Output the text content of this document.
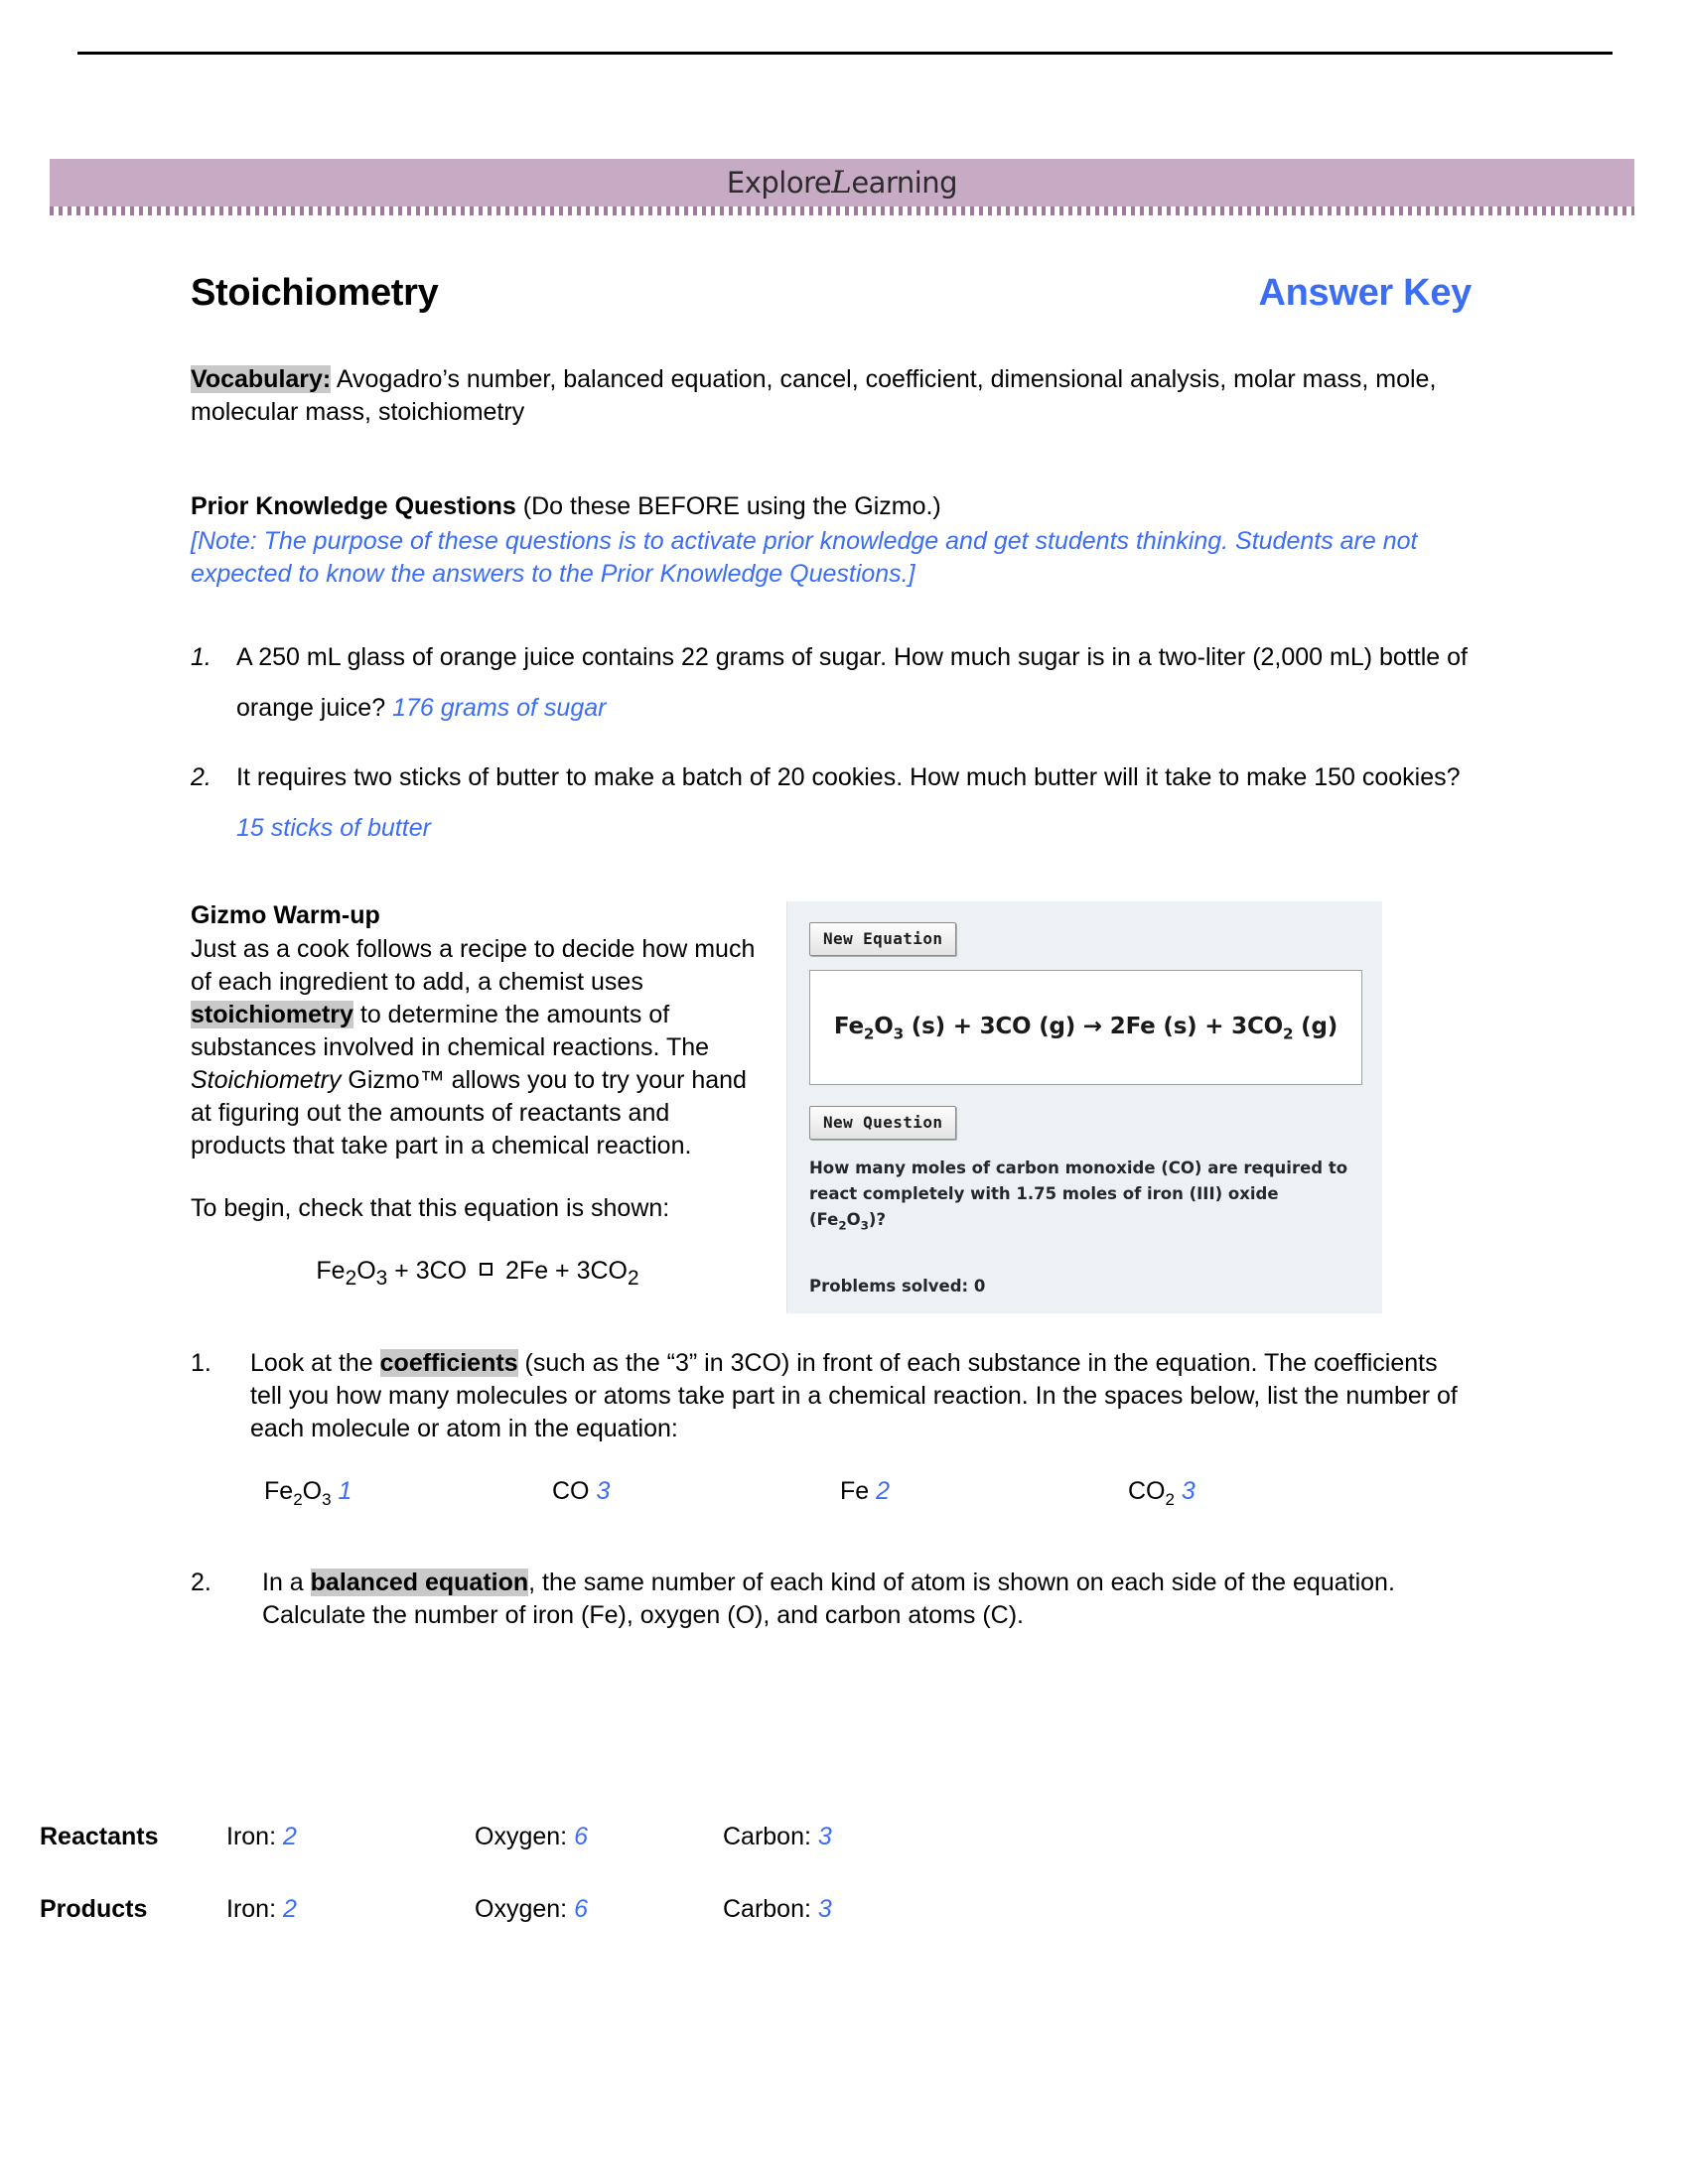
ExploreLearning
Stoichiometry	Answer Key
Vocabulary: Avogadro’s number, balanced equation, cancel, coefficient, dimensional analysis, molar mass, mole, molecular mass, stoichiometry
Prior Knowledge Questions (Do these BEFORE using the Gizmo.)
[Note: The purpose of these questions is to activate prior knowledge and get students thinking. Students are not expected to know the answers to the Prior Knowledge Questions.]
1.	A 250 mL glass of orange juice contains 22 grams of sugar. How much sugar is in a two-liter (2,000 mL) bottle of orange juice? 176 grams of sugar
2.	It requires two sticks of butter to make a batch of 20 cookies. How much butter will it take to make 150 cookies? 15 sticks of butter
Gizmo Warm-up
Just as a cook follows a recipe to decide how much of each ingredient to add, a chemist uses stoichiometry to determine the amounts of substances involved in chemical reactions. The Stoichiometry Gizmo™ allows you to try your hand at figuring out the amounts of reactants and products that take part in a chemical reaction.
To begin, check that this equation is shown:
$Fe_2O_3 + 3CO$  $2Fe + 3CO_2$
New Equation
$Fe_2O_3$ (s) + 3CO (g) → 2Fe $(s) + 3CO_2$ (g)
New Question
How many moles of carbon monoxide (CO) are required to react completely with 1.75 moles of iron (III) oxide $(Fe_2O_3)$?
Problems solved: 0
1.	Look at the coefficients (such as the “3” in 3CO) in front of each substance in the equation. The coefficients tell you how many molecules or atoms take part in a chemical reaction. In the spaces below, list the number of each molecule or atom in the equation:
$Fe_2O_3$ 1	CO 3	Fe 2	$CO_2$ 3
2.	In a balanced equation, the same number of each kind of atom is shown on each side of the equation. Calculate the number of iron (Fe), oxygen (O), and carbon atoms (C).
Reactants	Iron: 2	Oxygen: 6	Carbon: 3
Products	Iron: 2	Oxygen: 6	Carbon: 3
